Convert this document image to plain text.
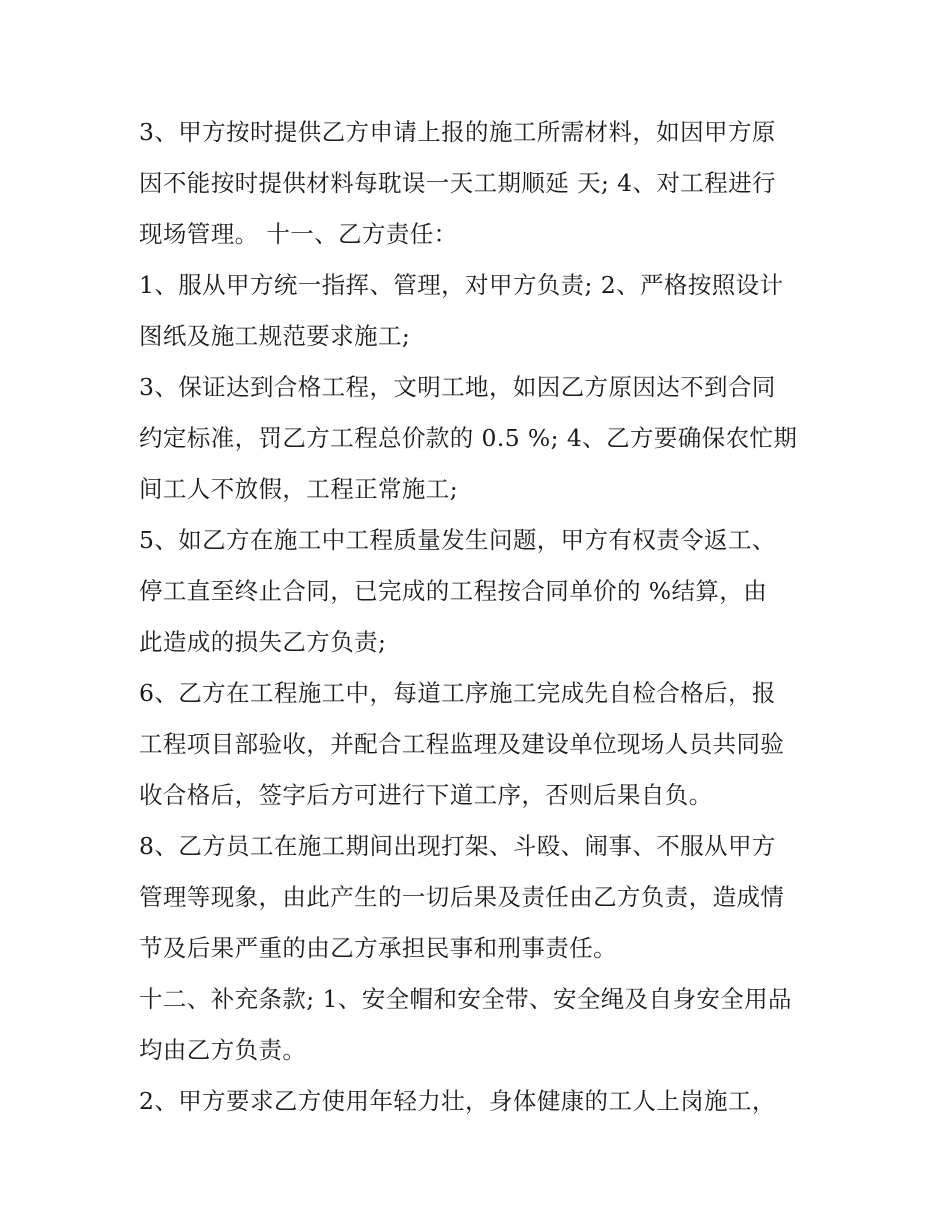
3、甲方按时提供乙方申请上报的施工所需材料，如因甲方原
因不能按时提供材料每耽误一天工期顺延 天; 4、对工程进行
现场管理。 十一、乙方责任：
1、服从甲方统一指挥、管理，对甲方负责; 2、严格按照设计
图纸及施工规范要求施工;
3、保证达到合格工程，文明工地，如因乙方原因达不到合同
约定标准，罚乙方工程总价款的 0.5 %; 4、乙方要确保农忙期
间工人不放假，工程正常施工;
5、如乙方在施工中工程质量发生问题，甲方有权责令返工、
停工直至终止合同，已完成的工程按合同单价的 %结算，由
此造成的损失乙方负责;
6、乙方在工程施工中，每道工序施工完成先自检合格后，报
工程项目部验收，并配合工程监理及建设单位现场人员共同验
收合格后，签字后方可进行下道工序，否则后果自负。
8、乙方员工在施工期间出现打架、斗殴、闹事、不服从甲方
管理等现象，由此产生的一切后果及责任由乙方负责，造成情
节及后果严重的由乙方承担民事和刑事责任。
十二、补充条款; 1、安全帽和安全带、安全绳及自身安全用品
均由乙方负责。
2、甲方要求乙方使用年轻力壮，身体健康的工人上岗施工，
